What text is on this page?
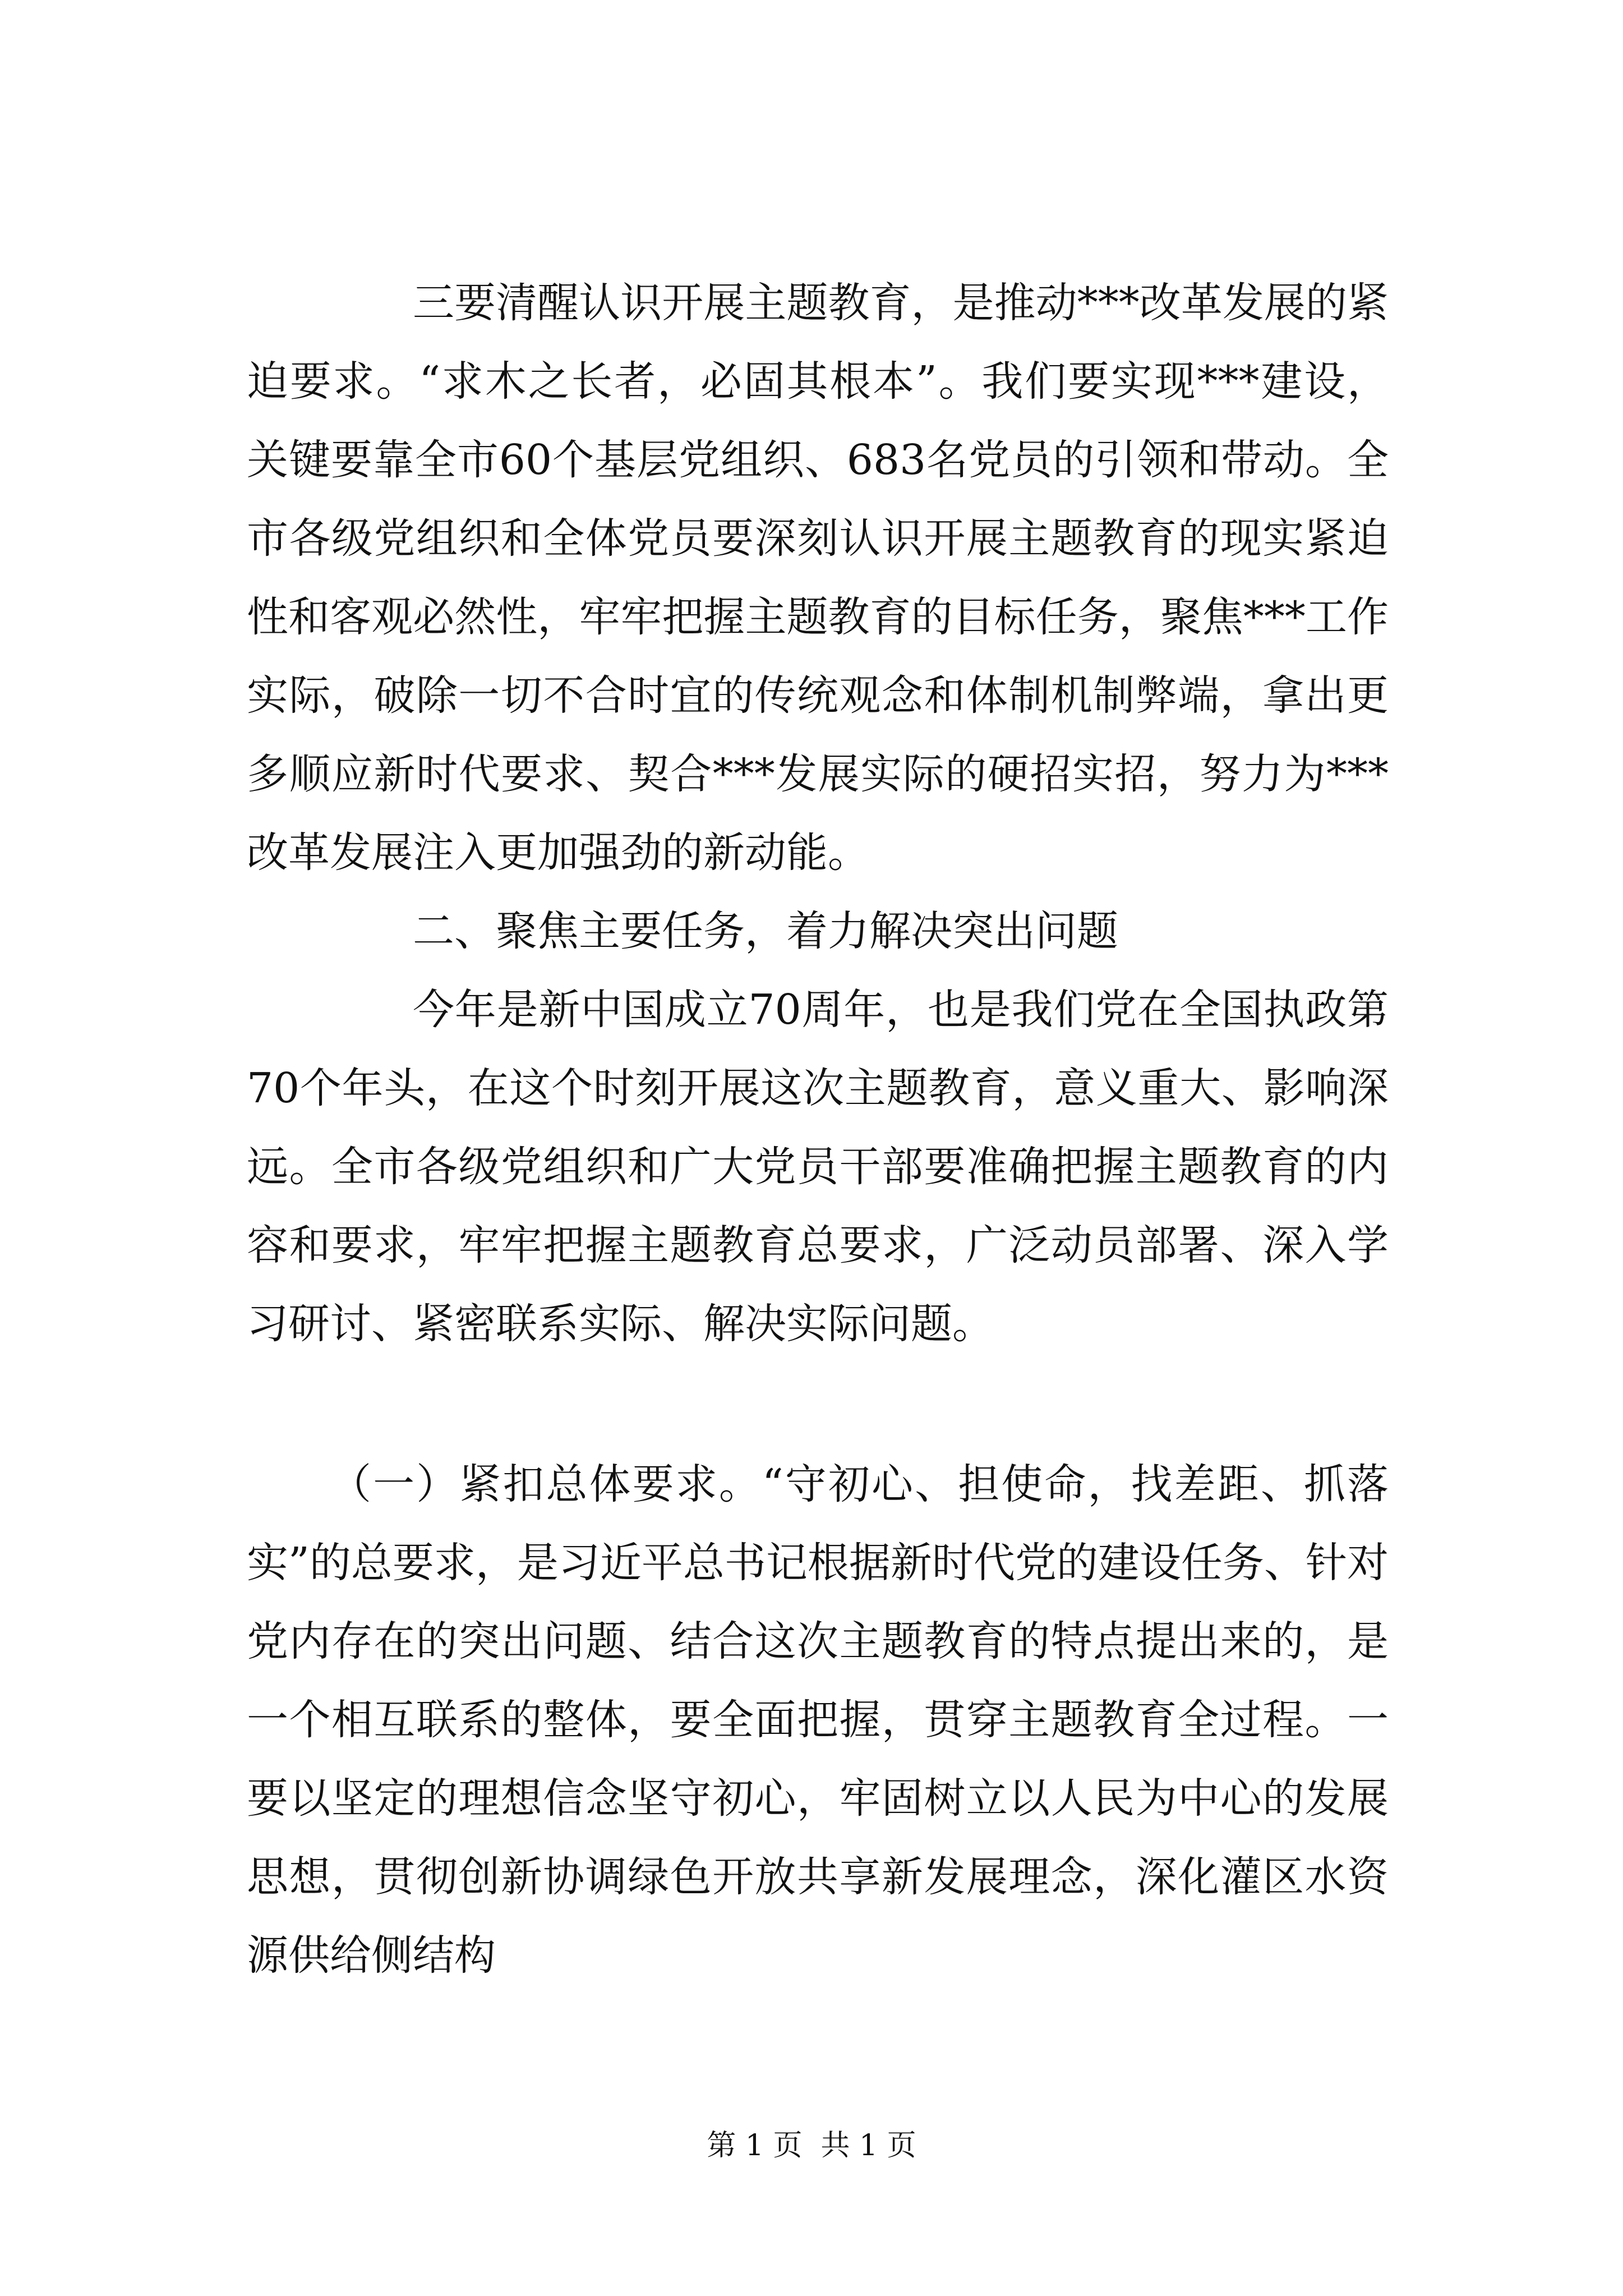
三要清醒认识开展主题教育，是推动***改革发展的紧迫要求。“求木之长者，必固其根本”。我们要实现***建设，关键要靠全市60个基层党组织、683名党员的引领和带动。全市各级党组织和全体党员要深刻认识开展主题教育的现实紧迫性和客观必然性，牢牢把握主题教育的目标任务，聚焦***工作实际，破除一切不合时宜的传统观念和体制机制弊端，拿出更多顺应新时代要求、契合***发展实际的硬招实招，努力为***改革发展注入更加强劲的新动能。

二、聚焦主要任务，着力解决突出问题

今年是新中国成立70周年，也是我们党在全国执政第70个年头，在这个时刻开展这次主题教育，意义重大、影响深远。全市各级党组织和广大党员干部要准确把握主题教育的内容和要求，牢牢把握主题教育总要求，广泛动员部署、深入学习研讨、紧密联系实际、解决实际问题。

（一）紧扣总体要求。“守初心、担使命，找差距、抓落实”的总要求，是习近平总书记根据新时代党的建设任务、针对党内存在的突出问题、结合这次主题教育的特点提出来的，是一个相互联系的整体，要全面把握，贯穿主题教育全过程。一要以坚定的理想信念坚守初心，牢固树立以人民为中心的发展思想，贯彻创新协调绿色开放共享新发展理念，深化灌区水资源供给侧结构

第 1 页  共 1 页
